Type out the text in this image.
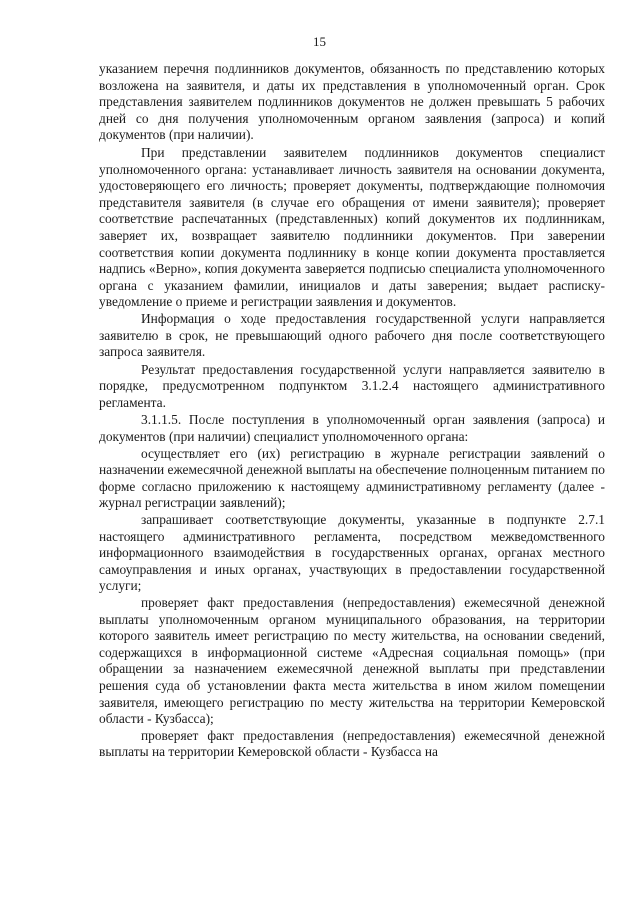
15

указанием перечня подлинников документов, обязанность по представлению которых возложена на заявителя, и даты их представления в уполномоченный орган. Срок представления заявителем подлинников документов не должен превышать 5 рабочих дней со дня получения уполномоченным органом заявления (запроса) и копий документов (при наличии).

При представлении заявителем подлинников документов специалист уполномоченного органа: устанавливает личность заявителя на основании документа, удостоверяющего его личность; проверяет документы, подтверждающие полномочия представителя заявителя (в случае его обращения от имени заявителя); проверяет соответствие распечатанных (представленных) копий документов их подлинникам, заверяет их, возвращает заявителю подлинники документов. При заверении соответствия копии документа подлиннику в конце копии документа проставляется надпись «Верно», копия документа заверяется подписью специалиста уполномоченного органа с указанием фамилии, инициалов и даты заверения; выдает расписку-уведомление о приеме и регистрации заявления и документов.

Информация о ходе предоставления государственной услуги направляется заявителю в срок, не превышающий одного рабочего дня после соответствующего запроса заявителя.

Результат предоставления государственной услуги направляется заявителю в порядке, предусмотренном подпунктом 3.1.2.4 настоящего административного регламента.

3.1.1.5. После поступления в уполномоченный орган заявления (запроса) и документов (при наличии) специалист уполномоченного органа:

осуществляет его (их) регистрацию в журнале регистрации заявлений о назначении ежемесячной денежной выплаты на обеспечение полноценным питанием по форме согласно приложению к настоящему административному регламенту (далее - журнал регистрации заявлений);

запрашивает соответствующие документы, указанные в подпункте 2.7.1 настоящего административного регламента, посредством межведомственного информационного взаимодействия в государственных органах, органах местного самоуправления и иных органах, участвующих в предоставлении государственной услуги;

проверяет факт предоставления (непредоставления) ежемесячной денежной выплаты уполномоченным органом муниципального образования, на территории которого заявитель имеет регистрацию по месту жительства, на основании сведений, содержащихся в информационной системе «Адресная социальная помощь» (при обращении за назначением ежемесячной денежной выплаты при представлении решения суда об установлении факта места жительства в ином жилом помещении заявителя, имеющего регистрацию по месту жительства на территории Кемеровской области - Кузбасса);

проверяет факт предоставления (непредоставления) ежемесячной денежной выплаты на территории Кемеровской области - Кузбасса на
